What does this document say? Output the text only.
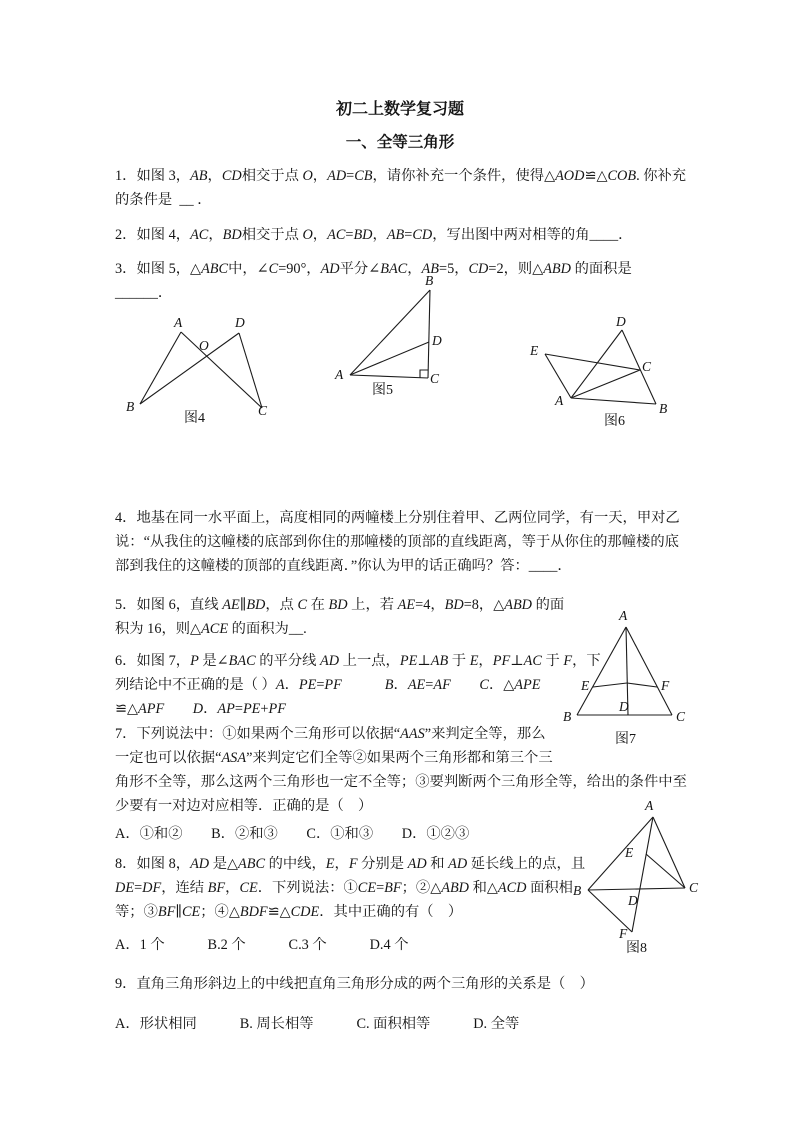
初二上数学复习题
一、全等三角形
1．如图 3，AB，CD相交于点 O，AD=CB，请你补充一个条件，使得△AOD≌△COB. 你补充
的条件是  __ ．
2．如图 4，AC，BD相交于点 O，AC=BD，AB=CD，写出图中两对相等的角____．
3．如图 5，△ABC中，∠C=90°，AD平分∠BAC，AB=5，CD=2，则△ABD 的面积是
______．
A	D
O
B	C
图4
B
D
A	C
图5
D
E
A
B
C
图6
4．地基在同一水平面上，高度相同的两幢楼上分别住着甲、乙两位同学，有一天，甲对乙
说：“从我住的这幢楼的底部到你住的那幢楼的顶部的直线距离，等于从你住的那幢楼的底
部到我住的这幢楼的顶部的直线距离．”你认为甲的话正确吗？答：____．
5．如图 6，直线 AE∥BD，点 C 在 BD 上，若 AE=4，BD=8，△ABD 的面
积为 16，则△ACE 的面积为__.
6．如图 7，P 是∠BAC 的平分线 AD 上一点，PE⊥AB 于 E，PF⊥AC 于 F，下
列结论中不正确的是（ ）A．PE=PF　　　	B．AE=AF　　 C．△APE
≌△APF　　 D．AP=PE+PF
A
E	F
B
D
C
图7
7．下列说法中：①如果两个三角形可以依据“AAS”来判定全等，那么
一定也可以依据“ASA”来判定它们全等②如果两个三角形都和第三个三
角形不全等，那么这两个三角形也一定不全等；③要判断两个三角形全等，给出的条件中至
少要有一对边对应相等．正确的是（　）
A．①和②　　B．②和③　　C．①和③　　D．①②③
8．如图 8，AD 是△ABC 的中线，E，F 分别是 AD 和 AD 延长线上的点，且
DE=DF，连结 BF，CE．下列说法：①CE=BF；②△ABD 和△ACD 面积相
等；③BF∥CE；④△BDF≌△CDE．其中正确的有（　）
A．1 个　　　B.2 个　　　C.3 个　　　D.4 个
A
E
B	C
D
F
图8
9．直角三角形斜边上的中线把直角三角形分成的两个三角形的关系是（　）
A．形状相同　　　B. 周长相等　　　C. 面积相等　　　D. 全等
